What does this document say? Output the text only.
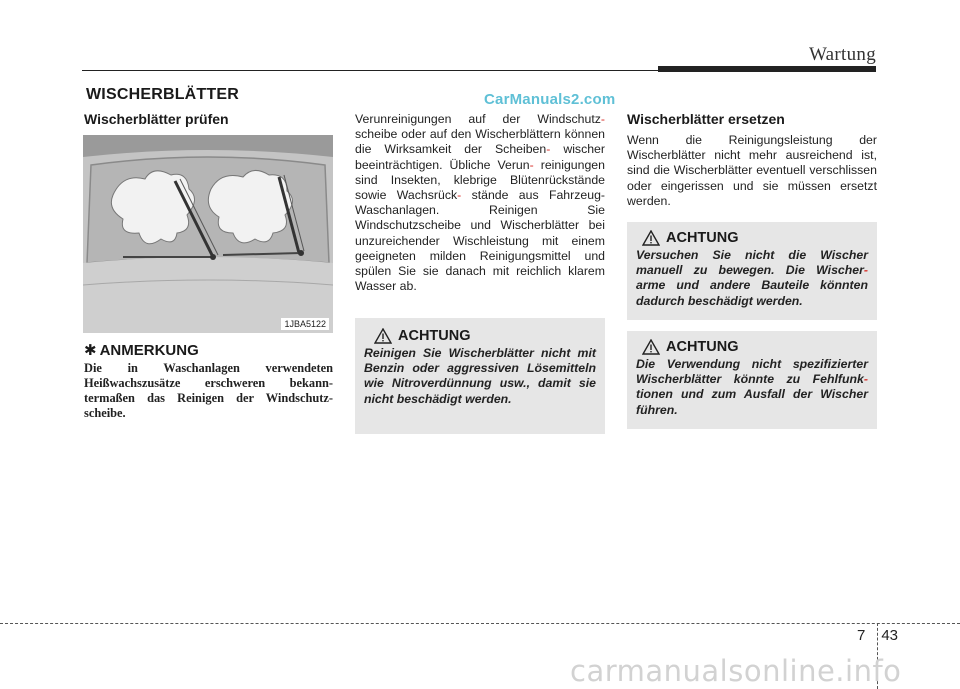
Wartung
WISCHERBLÄTTER	CarManuals2.com
Wischerblätter prüfen
1JBA5122
✱ ANMERKUNG
Die in Waschanlagen verwendeten Heißwachszusätze erschweren bekann- termaßen das Reinigen der Windschutz- scheibe.
Verunreinigungen auf der Windschutz- scheibe oder auf den Wischerblättern können die Wirksamkeit der Scheiben- wischer beeinträchtigen. Übliche Verun- reinigungen sind Insekten, klebrige Blütenrückstände sowie Wachsrück- stände aus Fahrzeug-Waschanlagen.	Reinigen Sie Windschutzscheibe und Wischerblätter bei unzureichender Wischleistung mit einem geeigneten milden Reinigungsmittel und spülen Sie sie danach mit reichlich klarem Wasser ab.
ACHTUNG
Reinigen Sie Wischerblätter nicht mit Benzin oder aggressiven Lösemitteln wie Nitroverdünnung usw., damit sie nicht beschädigt werden.
Wischerblätter ersetzen
Wenn die Reinigungsleistung der Wischerblätter nicht mehr ausreichend ist, sind die Wischerblätter eventuell verschlissen oder eingerissen und sie müssen ersetzt werden.
ACHTUNG
Versuchen Sie nicht die Wischer manuell zu bewegen. Die Wischer- arme und andere Bauteile könnten dadurch beschädigt werden.
ACHTUNG
Die Verwendung nicht spezifizierter Wischerblätter könnte zu Fehlfunk- tionen und zum Ausfall der Wischer führen.
7 43
carmanualsonline.info
